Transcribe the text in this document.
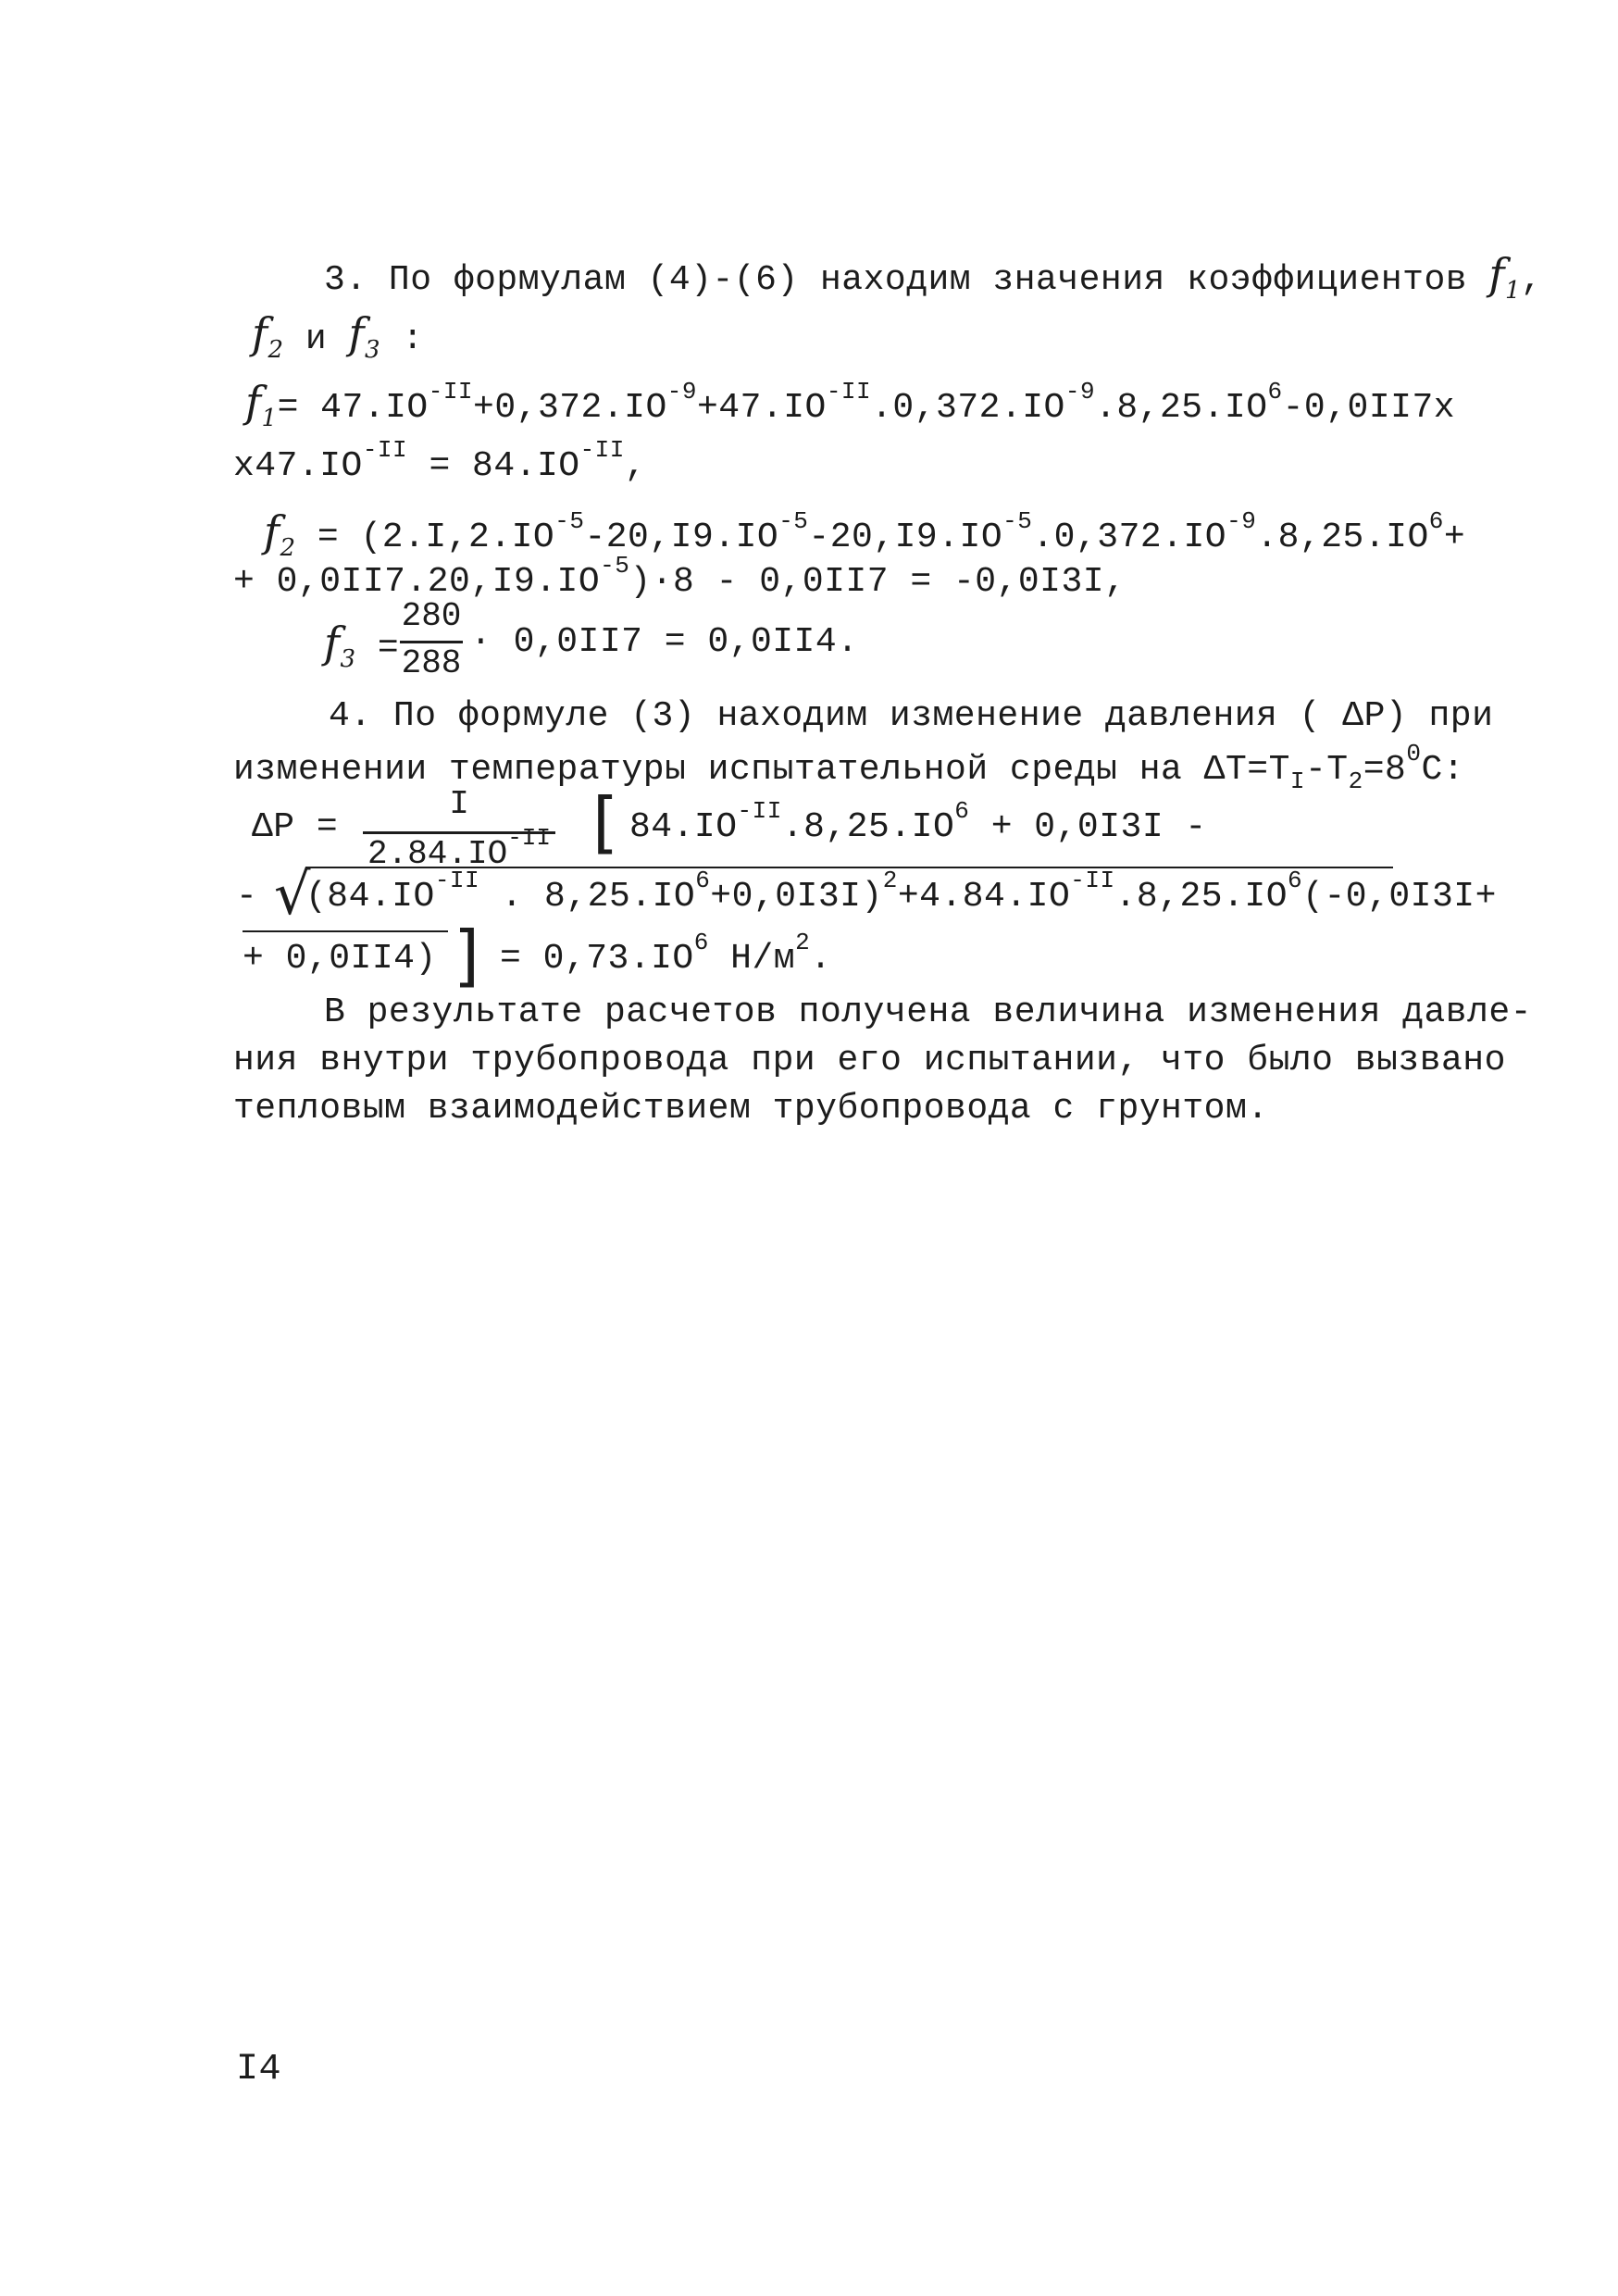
3. По формулам (4)-(6) находим значения коэффициентов $f_1$,
$f_2$ и $f_3$ :
$f_1= 47.IO^{-II}+0,372.IO^{-9}+47.IO^{-II}.0,372.IO^{-9}.8,25.IO^6-0,0II7x$
$x47.IO^{-II} = 84.IO^{-II}$,
$f_2 = (2.I,2.IO^{-5}-20,I9.IO^{-5}-20,I9.IO^{-5}.0,372.IO^{-9}.8,25.IO^6+$
+ $0,0II7.20,I9.IO^{-5})\cdot 8 - 0,0II7 = -0,0I3I$,
$f_3$ =
280
288
· 0,0II7 = 0,0II4.
4. По формуле (3) находим изменение давления ( ΔP) при
изменении температуры испытательной среды на $\Delta T=T_I-T_2=8^0C$:
ΔP =
I
$2.84.IO^{-II}$ [ $84.IO^{-II}.8,25.IO^6 + 0,0I3I$ -
- √
($84.IO^{-II}$ . $8,25.IO^6+0,0I3I)^2+4.84.IO^{-II}.8,25.IO^6(-0,0I3I+$
+ 0,0II4) ] = $0,73.IO^6$ $Н/м^2$.
В результате расчетов получена величина изменения давле-
ния внутри трубопровода при его испытании, что было вызвано
тепловым взаимодействием трубопровода с грунтом.
I4
